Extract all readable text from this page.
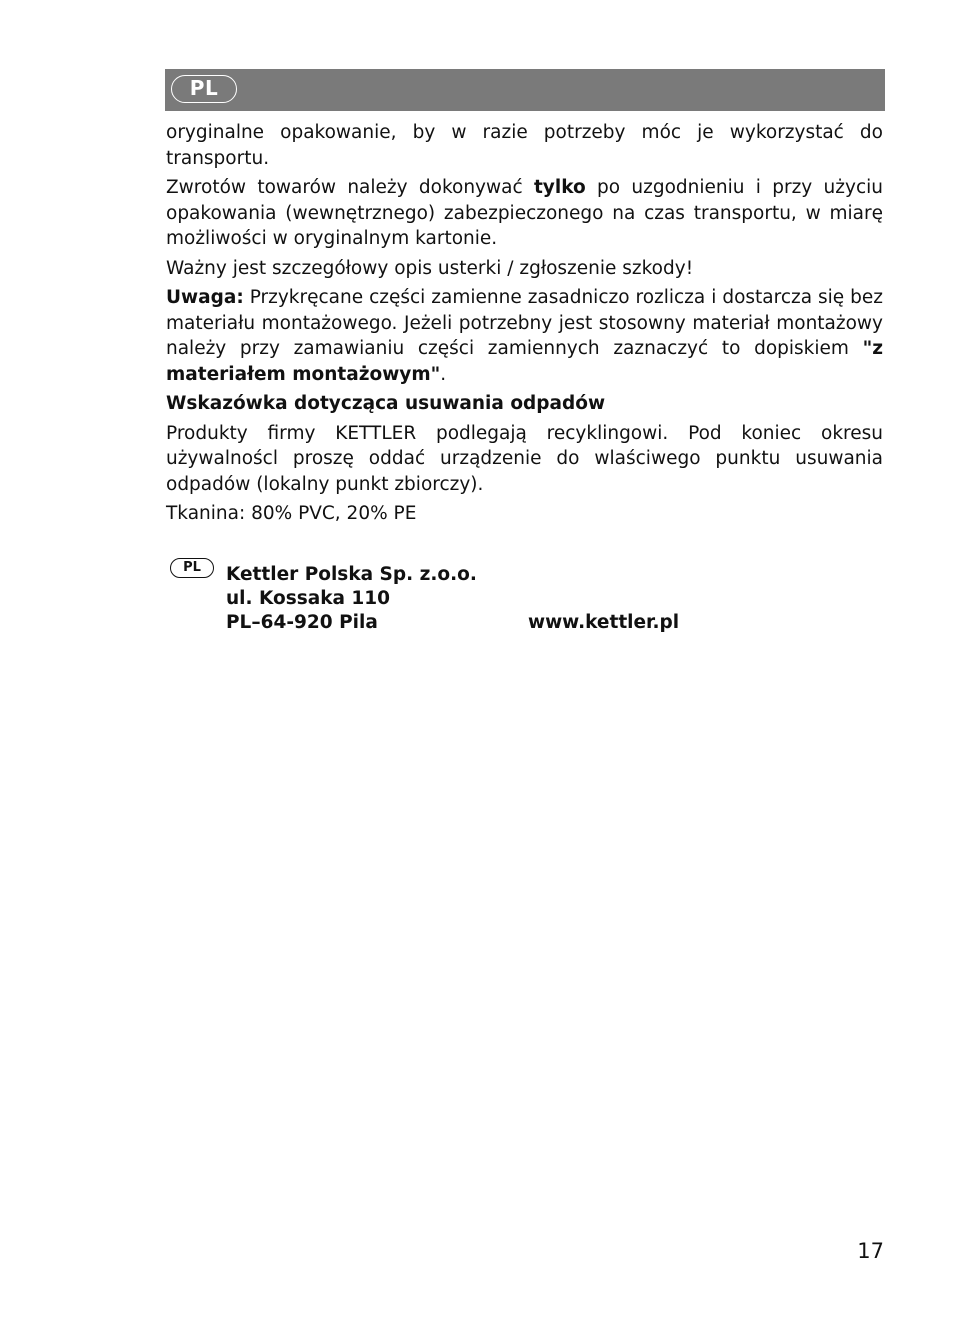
PL

oryginalne opakowanie, by w razie potrzeby móc je wykorzystać do transportu.

Zwrotów towarów należy dokonywać tylko po uzgodnieniu i przy użyciu opakowania (wewnętrznego) zabezpieczonego na czas transportu, w miarę możliwości w oryginalnym kartonie.

Ważny jest szczegółowy opis usterki / zgłoszenie szkody!

Uwaga: Przykręcane części zamienne zasadniczo rozlicza i dostarcza się bez materiału montażowego. Jeżeli potrzebny jest stosowny materiał montażowy należy przy zamawianiu części zamiennych zaznaczyć to dopiskiem "z materiałem montażowym".

Wskazówka dotycząca usuwania odpadów

Produkty firmy KETTLER podlegają recyklingowi. Pod koniec okresu używalnoścl proszę oddać urządzenie do wlaściwego punktu usuwania odpadów (lokalny punkt zbiorczy).

Tkanina: 80% PVC, 20% PE

PL	Kettler Polska Sp. z.o.o.
ul. Kossaka 110
PL–64-920 Pila	www.kettler.pl
17
